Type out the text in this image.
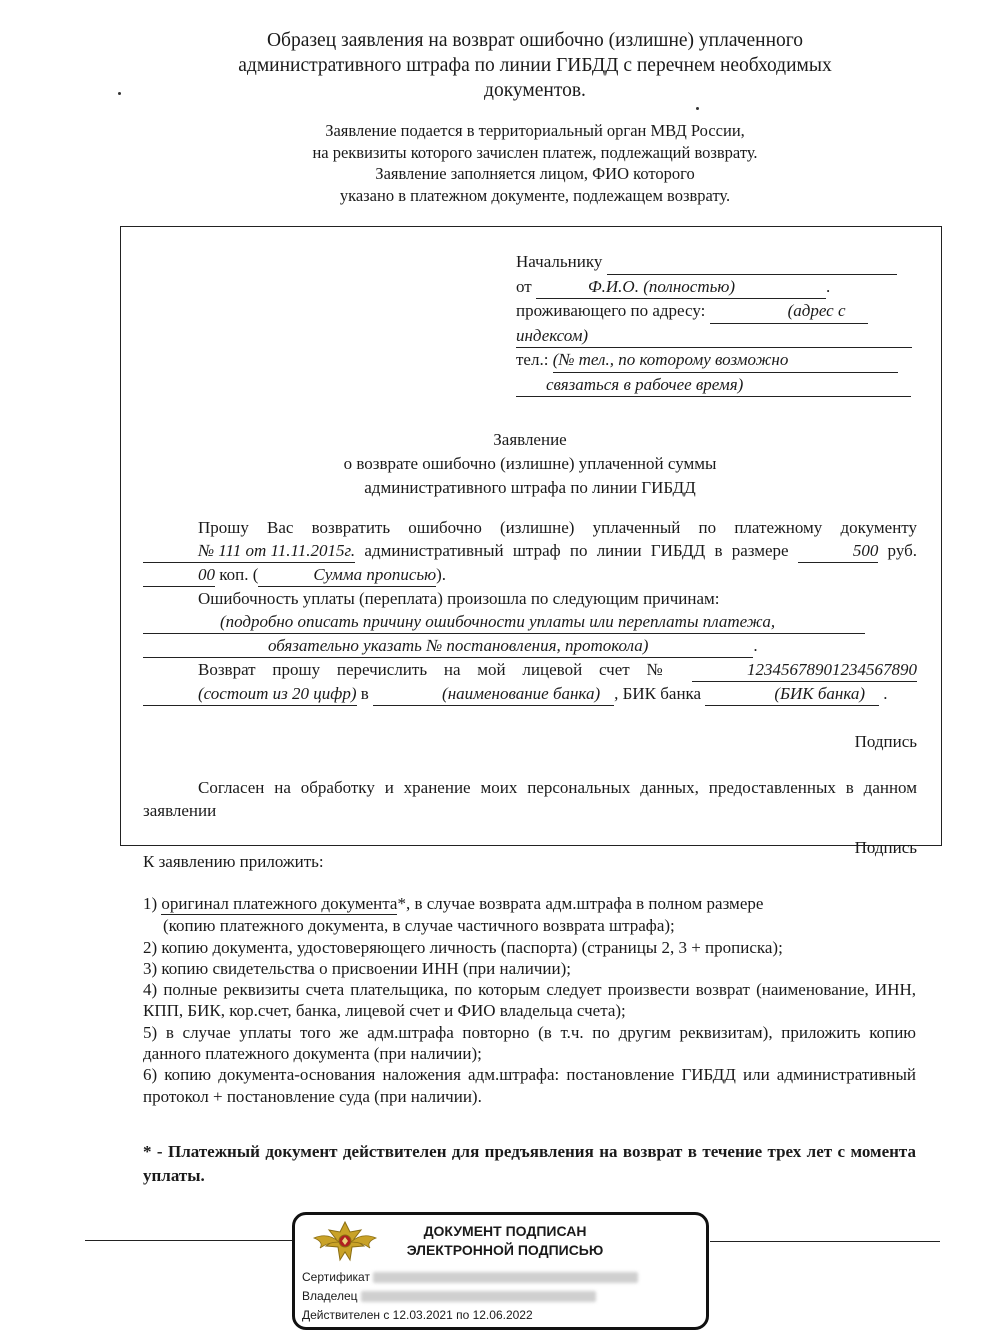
Образец заявления на возврат ошибочно (излишне) уплаченного
административного штрафа по линии ГИБДД с перечнем необходимых
документов.
Заявление подается в территориальный орган МВД России,
на реквизиты которого зачислен платеж, подлежащий возврату.
Заявление заполняется лицом, ФИО которого
указано в платежном документе, подлежащем возврату.
Начальнику
от	Ф.И.О. (полностью)	.
проживающего по адресу:	(адрес с
индексом)
тел.: (№ тел., по которому возможно
связаться в рабочее время)
Заявление
о возврате ошибочно (излишне) уплаченной суммы
административного штрафа по линии ГИБДД

Прошу Вас возвратить ошибочно (излишне) уплаченный по платежному документу № 111 от 11.11.2015г. административный штраф по линии ГИБДД в размере	500 руб. 00 коп. (	Сумма прописью).

Ошибочность уплаты (переплата) произошла по следующим причинам:
(подробно описать причину ошибочности уплаты или переплаты платежа,
обязательно указать № постановления, протокола)	.

Возврат прошу перечислить на мой лицевой счет №	12345678901234567890 (состоит из 20 цифр) в	(наименование банка) , БИК банка	(БИК банка) .

Подпись

Согласен на обработку и хранение моих персональных данных, предоставленных в данном заявлении

Подпись

К заявлению приложить:

1) оригинал платежного документа*, в случае возврата адм.штрафа в полном размере
(копию платежного документа, в случае частичного возврата штрафа);

2) копию документа, удостоверяющего личность (паспорта) (страницы 2, 3 + прописка);

3) копию свидетельства о присвоении ИНН (при наличии);

4) полные реквизиты счета плательщика, по которым следует произвести возврат (наименование, ИНН, КПП, БИК, кор.счет, банка, лицевой счет и ФИО владельца счета);

5) в случае уплаты того же адм.штрафа повторно (в т.ч. по другим реквизитам), приложить копию данного платежного документа (при наличии);

6) копию документа-основания наложения адм.штрафа: постановление ГИБДД или административный протокол + постановление суда (при наличии).

* - Платежный документ действителен для предъявления на возврат в течение трех лет с момента уплаты.
ДОКУМЕНТ ПОДПИСАН
ЭЛЕКТРОННОЙ ПОДПИСЬЮ
Сертификат
Владелец
Действителен с 12.03.2021 по 12.06.2022
